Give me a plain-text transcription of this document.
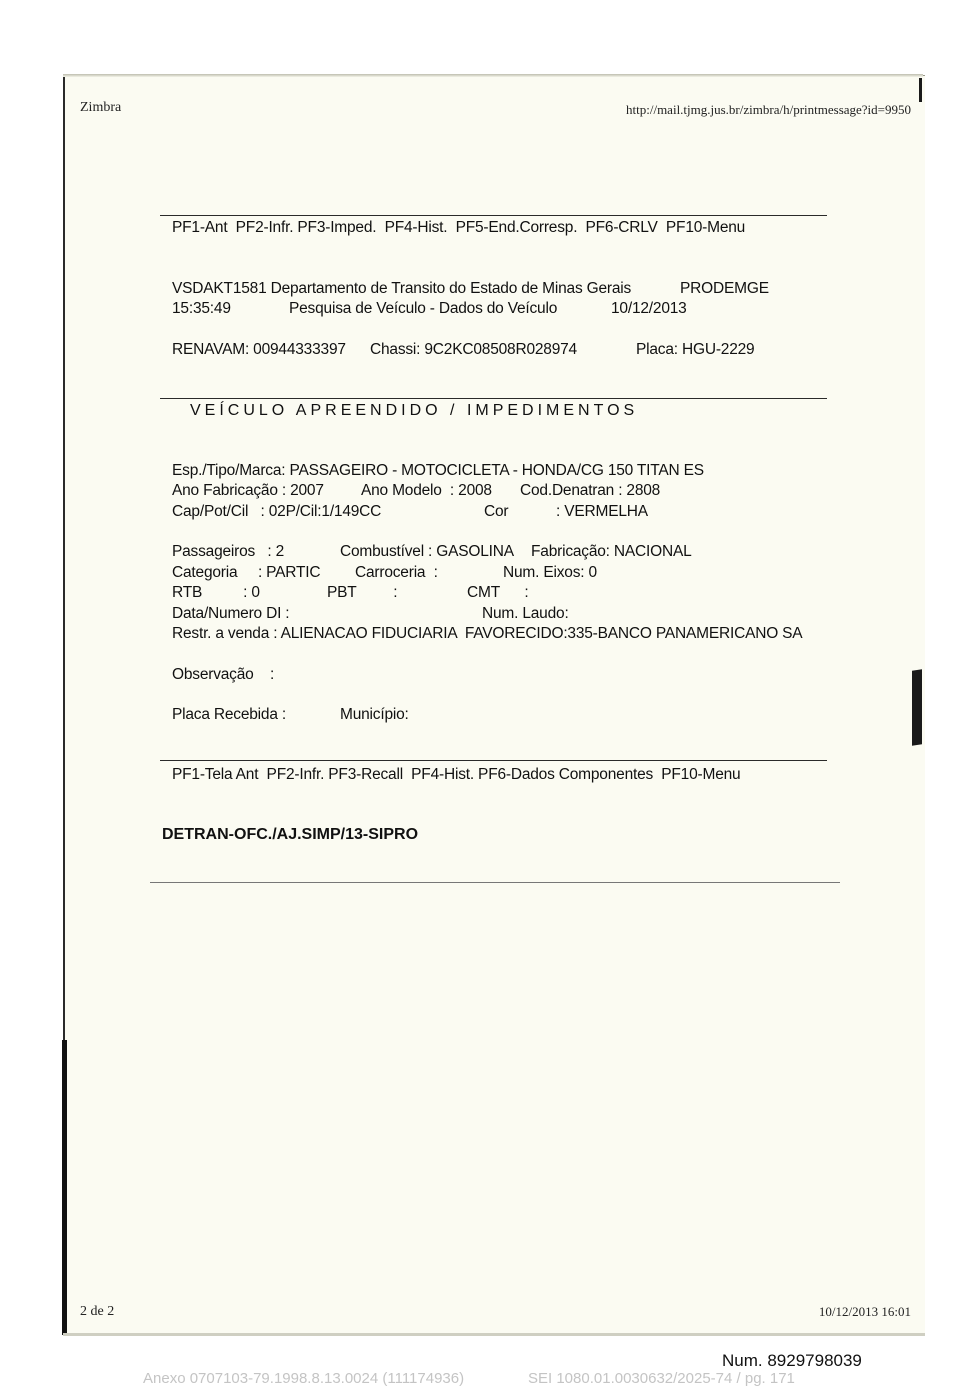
Zimbra	http://mail.tjmg.jus.br/zimbra/h/printmessage?id=9950
PF1-Ant  PF2-Infr. PF3-Imped.  PF4-Hist.  PF5-End.Corresp.  PF6-CRLV  PF10-Menu
VSDAKT1581 Departamento de Transito do Estado de Minas Gerais	PRODEMGE
15:35:49	Pesquisa de Veículo - Dados do Veículo	10/12/2013
RENAVAM: 00944333397 Chassi: 9C2KC08508R028974	Placa: HGU-2229
VEÍCULO APREENDIDO / IMPEDIMENTOS
Esp./Tipo/Marca: PASSAGEIRO - MOTOCICLETA - HONDA/CG 150 TITAN ES
Ano Fabricação : 2007 Ano Modelo  : 2008 Cod.Denatran : 2808
Cap/Pot/Cil   : 02P/Cil:1/149CC	Cor	: VERMELHA
Passageiros   : 2	Combustível : GASOLINA Fabricação: NACIONAL
Categoria     : PARTIC Carroceria  :	Num. Eixos: 0
RTB          : 0	PBT         :	CMT      :
Data/Numero DI :	Num. Laudo:
Restr. a venda : ALIENACAO FIDUCIARIA  FAVORECIDO:335-BANCO PANAMERICANO SA
Observação    :
Placa Recebida :	Município:
PF1-Tela Ant  PF2-Infr. PF3-Recall  PF4-Hist. PF6-Dados Componentes  PF10-Menu
DETRAN-OFC./AJ.SIMP/13-SIPRO
2 de 2	10/12/2013 16:01
Num. 8929798039
Anexo 0707103-79.1998.8.13.0024 (111174936)	SEI 1080.01.0030632/2025-74 / pg. 171
